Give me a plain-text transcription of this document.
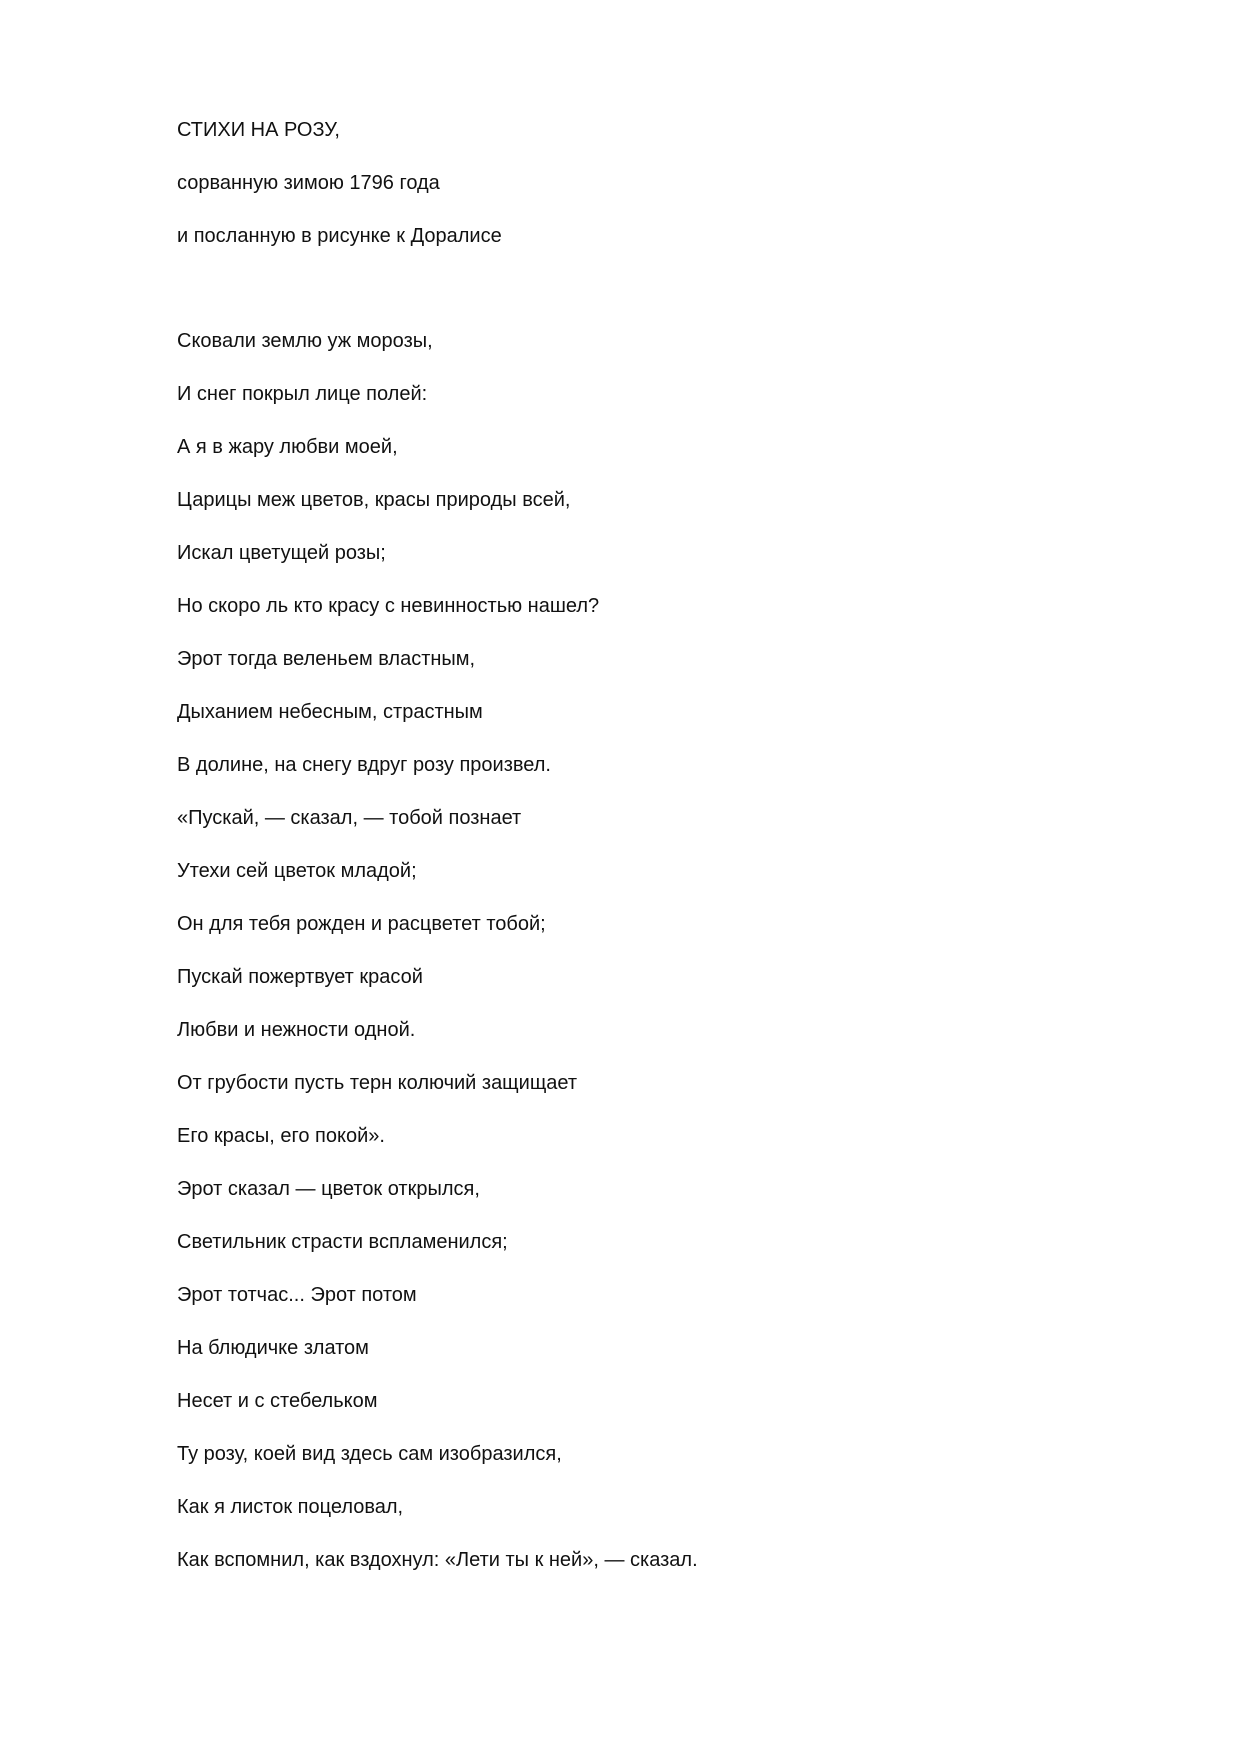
СТИХИ НА РОЗУ,
сорванную зимою 1796 года
и посланную в рисунке к Доралисе
Сковали землю уж морозы,
И снег покрыл лице полей:
А я в жару любви моей,
Царицы меж цветов, красы природы всей,
Искал цветущей розы;
Но скоро ль кто красу с невинностью нашел?
Эрот тогда веленьем властным,
Дыханием небесным, страстным
В долине, на снегу вдруг розу произвел.
«Пускай, — сказал, — тобой познает
Утехи сей цветок младой;
Он для тебя рожден и расцветет тобой;
Пускай пожертвует красой
Любви и нежности одной.
От грубости пусть терн колючий защищает
Его красы, его покой».
Эрот сказал — цветок открылся,
Светильник страсти вспламенился;
Эрот тотчас... Эрот потом
На блюдичке златом
Несет и с стебельком
Ту розу, коей вид здесь сам изобразился,
Как я листок поцеловал,
Как вспомнил, как вздохнул: «Лети ты к ней», — сказал.
